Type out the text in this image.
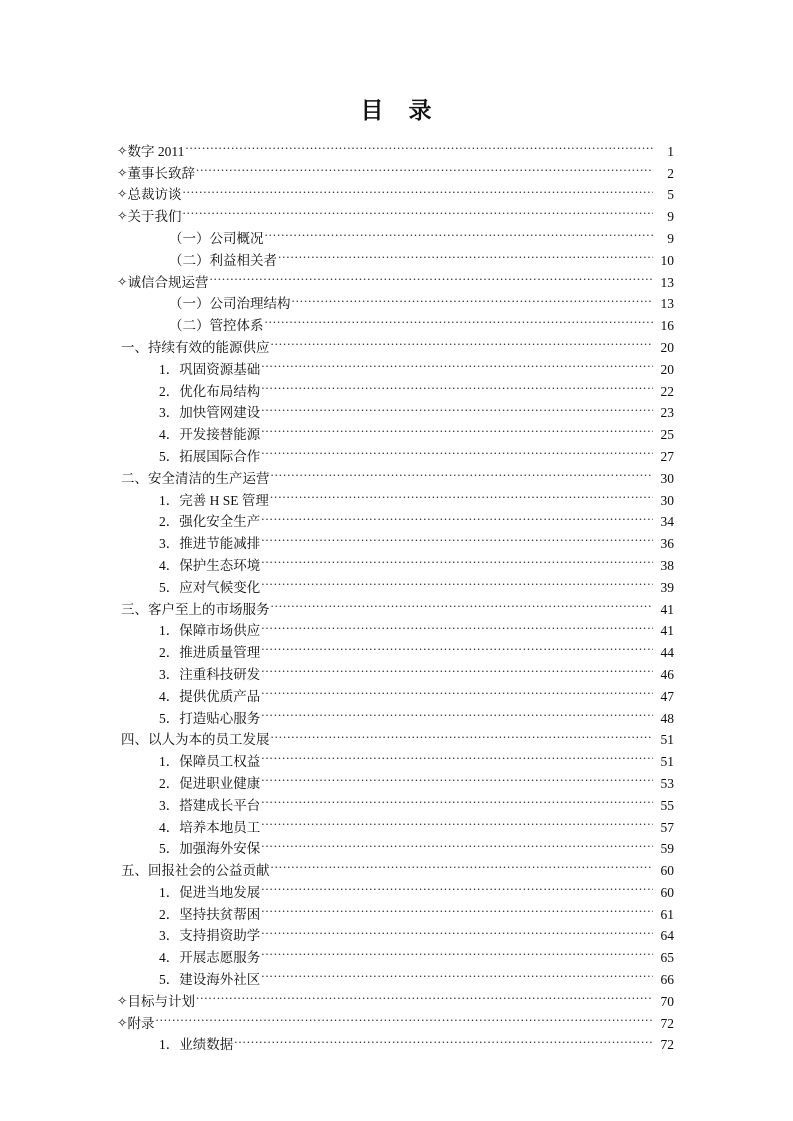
目　录
✧ 数字 2011 .....	1
✧ 董事长致辞 .....	2
✧ 总裁访谈 .....	5
✧ 关于我们 .....	9
（一）公司概况 .....	9
（二）利益相关者 .....	10
✧ 诚信合规运营 .....	13
（一）公司治理结构 .....	13
（二）管控体系 .....	16
一、持续有效的能源供应 .....	20
1．巩固资源基础 .....	20
2．优化布局结构 .....	22
3．加快管网建设 .....	23
4．开发接替能源 .....	25
5．拓展国际合作 .....	27
二、安全清洁的生产运营 .....	30
1．完善 H SE 管理 .....	30
2．强化安全生产 .....	34
3．推进节能减排 .....	36
4．保护生态环境 .....	38
5．应对气候变化 .....	39
三、客户至上的市场服务 .....	41
1．保障市场供应 .....	41
2．推进质量管理 .....	44
3．注重科技研发 .....	46
4．提供优质产品 .....	47
5．打造贴心服务 .....	48
四、以人为本的员工发展 .....	51
1．保障员工权益 .....	51
2．促进职业健康 .....	53
3．搭建成长平台 .....	55
4．培养本地员工 .....	57
5．加强海外安保 .....	59
五、回报社会的公益贡献 .....	60
1．促进当地发展 .....	60
2．坚持扶贫帮困 .....	61
3．支持捐资助学 .....	64
4．开展志愿服务 .....	65
5．建设海外社区 .....	66
✧ 目标与计划 .....	70
✧ 附录 .....	72
1．业绩数据 .....	72
